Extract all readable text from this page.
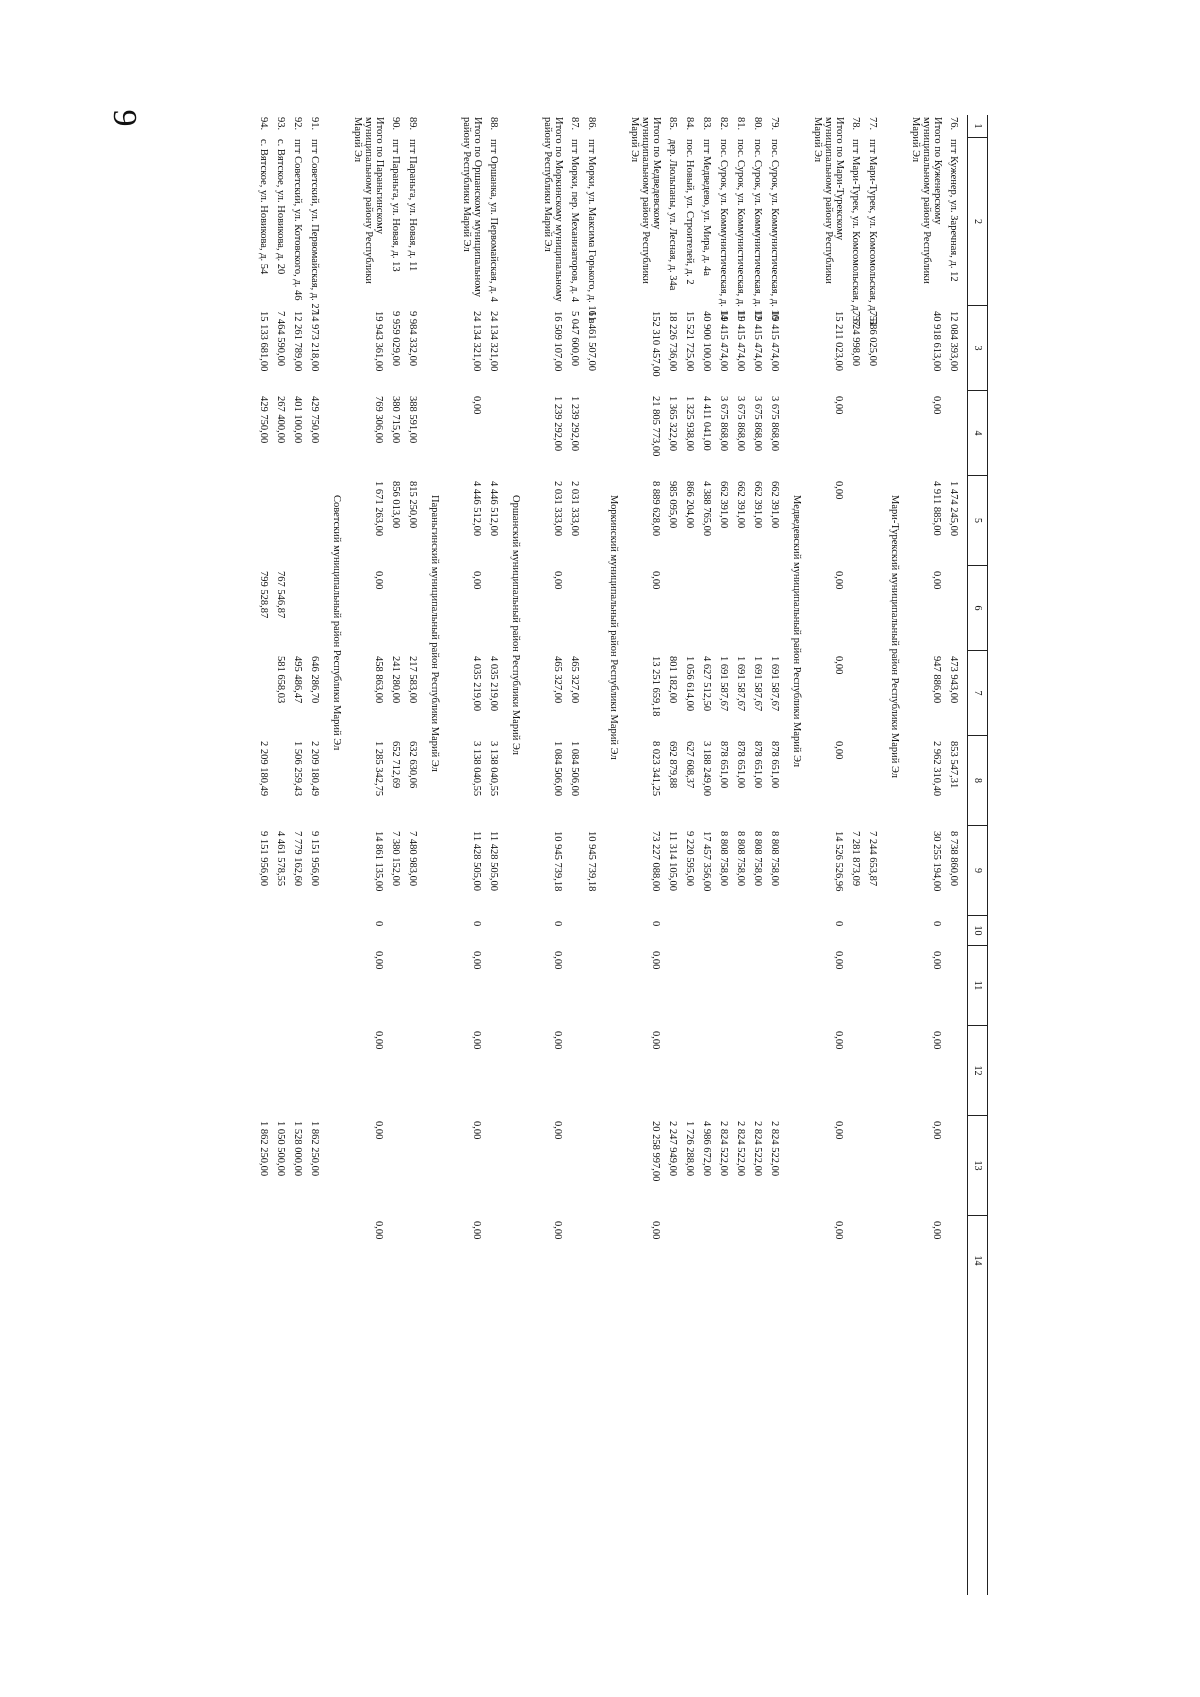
9	1
2
3
4
5
6
7
8
9
10
11
12
13
14
76.
пгт Куженер, ул. Заречная, д. 12
12 084 393,00
1 474 245,00
473 943,00
853 547,31
8 738 860,00
Итого по Куженерскому муниципальному району Республики Марий Эл
40 918 613,00
0,00
4 911 885,00
0,00
947 886,00
2 962 310,40
30 255 194,00
0
0,00
0,00
0,00
0,00
Мари-Турекский муниципальный район Республики Марий Эл
77.
пгт Мари-Турек, ул. Комсомольская, д. 51
7 586 025,00
7 244 653,87
78.
пгт Мари-Турек, ул. Комсомольская, д. 57
7 624 998,00
7 281 873,09
Итого по Мари-Турекскому муниципальному району Республики Марий Эл
15 211 023,00
0,00
0,00
0,00
0,00
0,00
14 526 526,96
0
0,00
0,00
0,00
0,00
Медведевский муниципальный район Республики Марий Эл
79.
пос. Сурок, ул. Коммунистическая, д. 10
19 415 474,00
3 675 868,00
662 391,00
1 691 587,67
878 651,00
8 808 758,00
2 824 522,00
80.
пос. Сурок, ул. Коммунистическая, д. 12
19 415 474,00
3 675 868,00
662 391,00
1 691 587,67
878 651,00
8 808 758,00
2 824 522,00
81.
пос. Сурок, ул. Коммунистическая, д. 11
19 415 474,00
3 675 868,00
662 391,00
1 691 587,67
878 651,00
8 808 758,00
2 824 522,00
82.
пос. Сурок, ул. Коммунистическая, д. 14
19 415 474,00
3 675 868,00
662 391,00
1 691 587,67
878 651,00
8 808 758,00
2 824 522,00
83.
пгт Медведево, ул. Мира, д. 4а
40 900 100,00
4 411 041,00
4 388 765,00
4 627 512,50
3 188 249,00
17 457 356,00
4 986 672,00
84.
пос. Новый, ул. Строителей, д. 2
15 521 725,00
1 325 938,00
866 204,00
1 056 614,00
627 608,37
9 220 595,00
1 726 288,00
85.
дер. Люльпаны, ул. Лесная, д. 34а
18 226 736,00
1 365 322,00
985 095,00
801 182,00
692 879,88
11 314 105,00
2 247 949,00
Итого по Медведевскому муниципальному району Республики Марий Эл
152 310 457,00
21 805 773,00
8 889 628,00
0,00
13 251 659,18
8 023 341,25
73 227 088,00
0
0,00
0,00
20 258 997,00
0,00
Моркинский муниципальный район Республики Марий Эл
86.
пгт Морки, ул. Максима Горького, д. 16 в
11 461 507,00
10 945 739,18
87.
пгт Морки, пер. Механизаторов, д. 4
5 047 600,00
1 239 292,00
2 031 333,00
465 327,00
1 084 506,00
Итого по Моркинскому муниципальному району Республики Марий Эл
16 509 107,00
1 239 292,00
2 031 333,00
0,00
465 327,00
1 084 506,00
10 945 739,18
0
0,00
0,00
0,00
0,00
Оршанский муниципальный район Республики Марий Эл
88.
пгт Оршанка, ул. Первомайская, д. 4
24 134 321,00
4 446 512,00
4 035 219,00
3 138 040,55
11 428 505,00
Итого по Оршанскому муниципальному району Республики Марий Эл
24 134 321,00
0,00
4 446 512,00
0,00
4 035 219,00
3 138 040,55
11 428 505,00
0
0,00
0,00
0,00
0,00
Параньгинский муниципальный район Республики Марий Эл
89.
пгт Параньга, ул. Новая, д. 11
9 984 332,00
388 591,00
815 250,00
217 583,00
632 630,06
7 480 983,00
90.
пгт Параньга, ул. Новая, д. 13
9 959 029,00
380 715,00
856 013,00
241 280,00
652 712,69
7 380 152,00
Итого по Параньгинскому муниципальному району Республики Марий Эл
19 943 361,00
769 306,00
1 671 263,00
0,00
458 863,00
1 285 342,75
14 861 135,00
0
0,00
0,00
0,00
0,00
Советский муниципальный район Республики Марий Эл
91.
пгт Советский, ул. Первомайская, д. 27
14 973 218,00
429 750,00
646 286,70
2 209 180,49
9 151 956,00
1 862 250,00
92.
пгт Советский, ул. Котовского, д. 46
12 261 789,00
401 100,00
495 486,47
1 506 259,43
7 779 162,60
1 528 000,00
93.
с. Вятское, ул. Новикова, д. 20
7 464 590,00
267 400,00
767 546,87
581 658,03
4 461 578,55
1 050 500,00
94.
с. Вятское, ул. Новикова, д. 54
15 133 681,00
429 750,00
799 528,87
2 209 180,49
9 151 956,00
1 862 250,00
